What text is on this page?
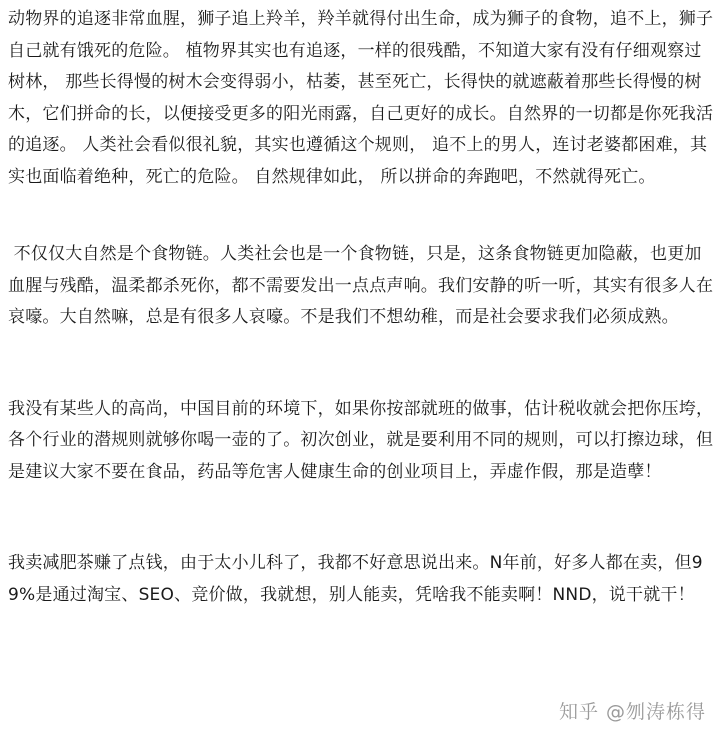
动物界的追逐非常血腥，狮子追上羚羊，羚羊就得付出生命，成为狮子的食物，追不上，狮子自己就有饿死的危险。 植物界其实也有追逐，一样的很残酷，不知道大家有没有仔细观察过树林， 那些长得慢的树木会变得弱小，枯萎，甚至死亡，长得快的就遮蔽着那些长得慢的树木，它们拼命的长，以便接受更多的阳光雨露，自己更好的成长。自然界的一切都是你死我活的追逐。 人类社会看似很礼貌，其实也遵循这个规则， 追不上的男人，连讨老婆都困难，其实也面临着绝种，死亡的危险。 自然规律如此， 所以拼命的奔跑吧，不然就得死亡。

不仅仅大自然是个食物链。人类社会也是一个食物链，只是，这条食物链更加隐蔽，也更加血腥与残酷，温柔都杀死你，都不需要发出一点点声响。我们安静的听一听，其实有很多人在哀嚎。大自然嘛，总是有很多人哀嚎。不是我们不想幼稚，而是社会要求我们必须成熟。

我没有某些人的高尚，中国目前的环境下，如果你按部就班的做事，估计税收就会把你压垮，各个行业的潜规则就够你喝一壶的了。初次创业，就是要利用不同的规则，可以打擦边球，但是建议大家不要在食品，药品等危害人健康生命的创业项目上，弄虚作假，那是造孽！

我卖减肥茶赚了点钱，由于太小儿科了，我都不好意思说出来。N年前，好多人都在卖，但99%是通过淘宝、SEO、竞价做，我就想，别人能卖，凭啥我不能卖啊！NND，说干就干！

知乎 @刎涛栋得
